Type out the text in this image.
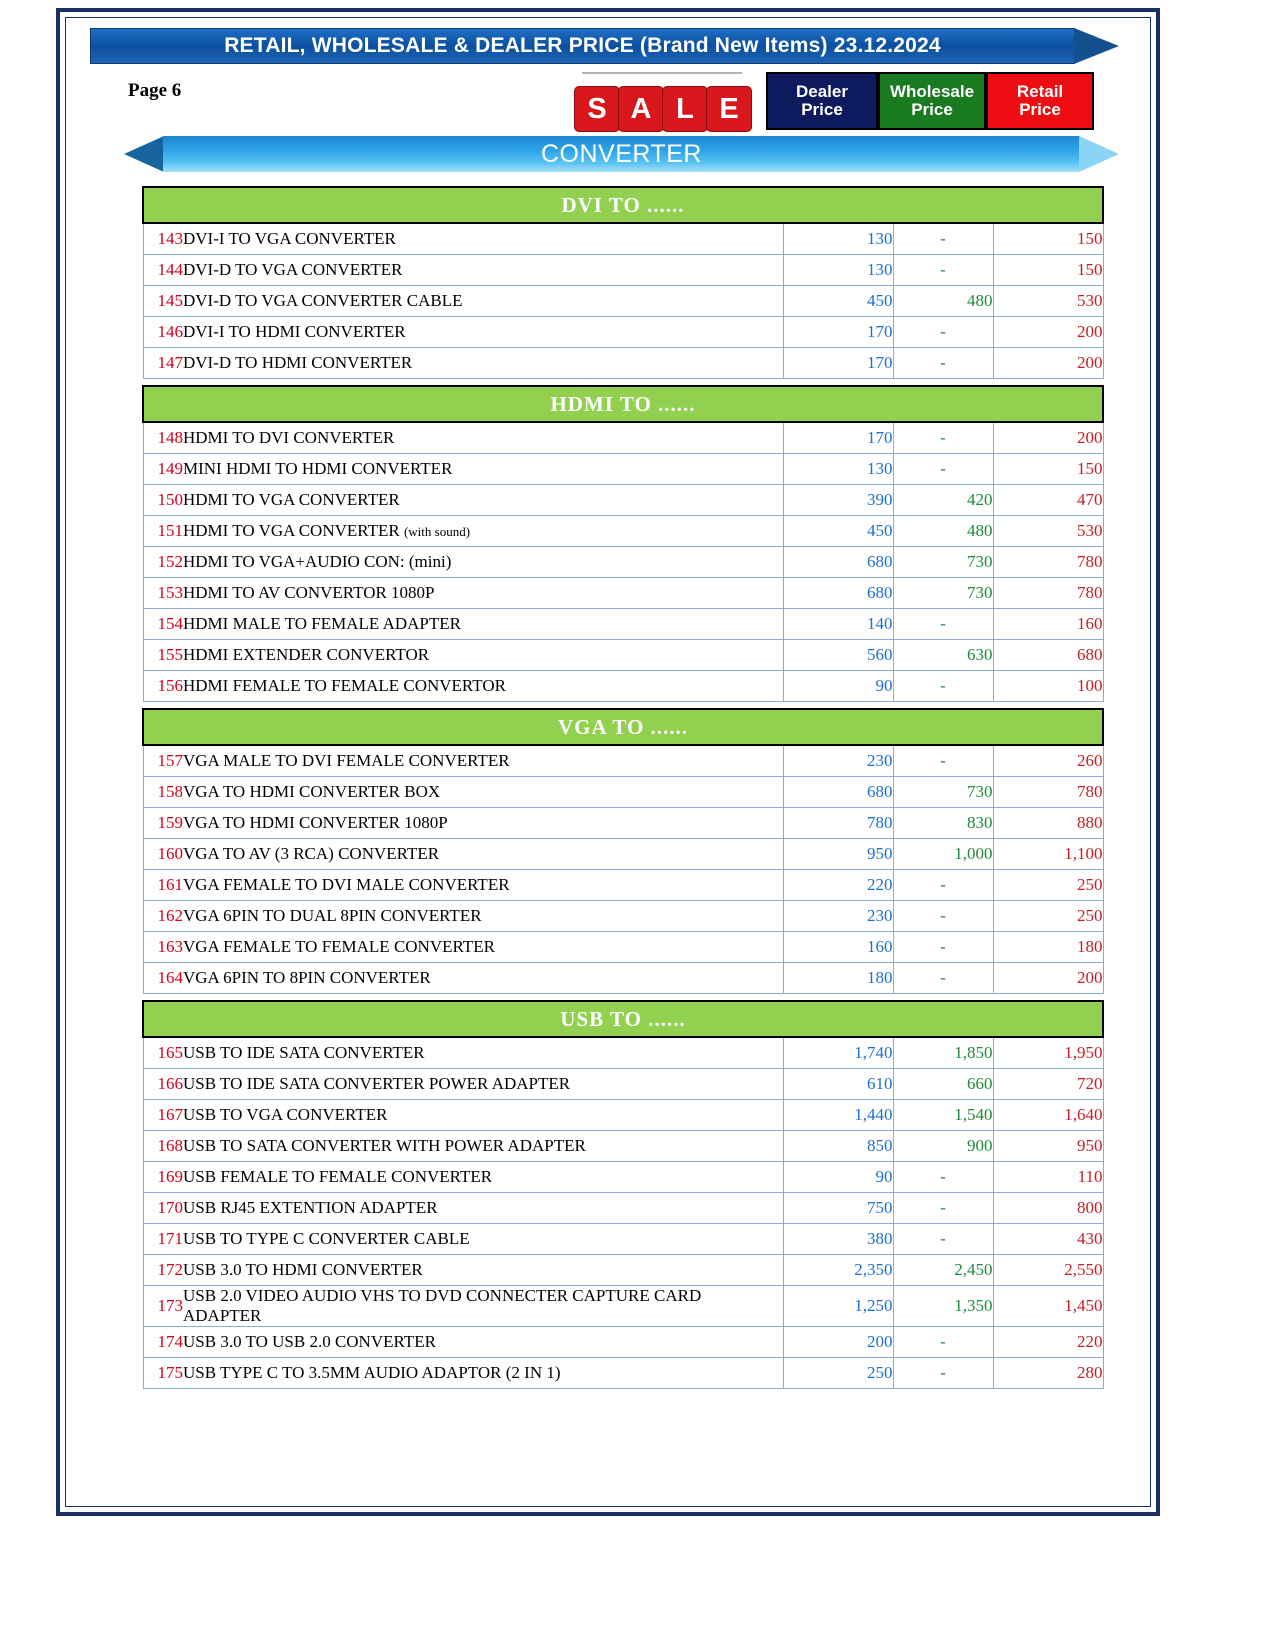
RETAIL, WHOLESALE & DEALER PRICE (Brand New Items) 23.12.2024
Page 6
S A L E
Dealer
Price
Wholesale
Price
Retail
Price
CONVERTER
DVI TO ......				
143	DVI-I TO VGA CONVERTER	130	-	150
144	DVI-D TO VGA CONVERTER	130	-	150
145	DVI-D TO VGA CONVERTER CABLE	450	480	530
146	DVI-I TO HDMI CONVERTER	170	-	200
147	DVI-D TO HDMI CONVERTER	170	-	200

HDMI TO ......				
148	HDMI TO DVI CONVERTER	170	-	200
149	MINI HDMI TO HDMI CONVERTER	130	-	150
150	HDMI TO VGA CONVERTER	390	420	470
151	HDMI TO VGA CONVERTER (with sound)	450	480	530
152	HDMI TO VGA+AUDIO CON: (mini)	680	730	780
153	HDMI TO AV CONVERTOR 1080P	680	730	780
154	HDMI MALE TO FEMALE ADAPTER	140	-	160
155	HDMI EXTENDER CONVERTOR	560	630	680
156	HDMI FEMALE TO FEMALE CONVERTOR	90	-	100

VGA TO ......				
157	VGA MALE TO DVI FEMALE CONVERTER	230	-	260
158	VGA TO HDMI CONVERTER BOX	680	730	780
159	VGA TO HDMI CONVERTER 1080P	780	830	880
160	VGA TO AV (3 RCA) CONVERTER	950	1,000	1,100
161	VGA FEMALE TO DVI MALE CONVERTER	220	-	250
162	VGA 6PIN TO DUAL 8PIN CONVERTER	230	-	250
163	VGA FEMALE TO FEMALE CONVERTER	160	-	180
164	VGA 6PIN TO 8PIN CONVERTER	180	-	200

USB TO ......				
165	USB TO IDE SATA CONVERTER	1,740	1,850	1,950
166	USB TO IDE SATA CONVERTER POWER ADAPTER	610	660	720
167	USB TO VGA CONVERTER	1,440	1,540	1,640
168	USB TO SATA CONVERTER WITH POWER ADAPTER	850	900	950
169	USB FEMALE TO FEMALE CONVERTER	90	-	110
170	USB RJ45 EXTENTION ADAPTER	750	-	800
171	USB TO TYPE C CONVERTER CABLE	380	-	430
172	USB 3.0 TO HDMI CONVERTER	2,350	2,450	2,550
173	USB 2.0 VIDEO AUDIO VHS TO DVD CONNECTER CAPTURE CARD ADAPTER	1,250	1,350	1,450
174	USB 3.0 TO USB 2.0 CONVERTER	200	-	220
175	USB TYPE C TO 3.5MM AUDIO ADAPTOR (2 IN 1)	250	-	280
